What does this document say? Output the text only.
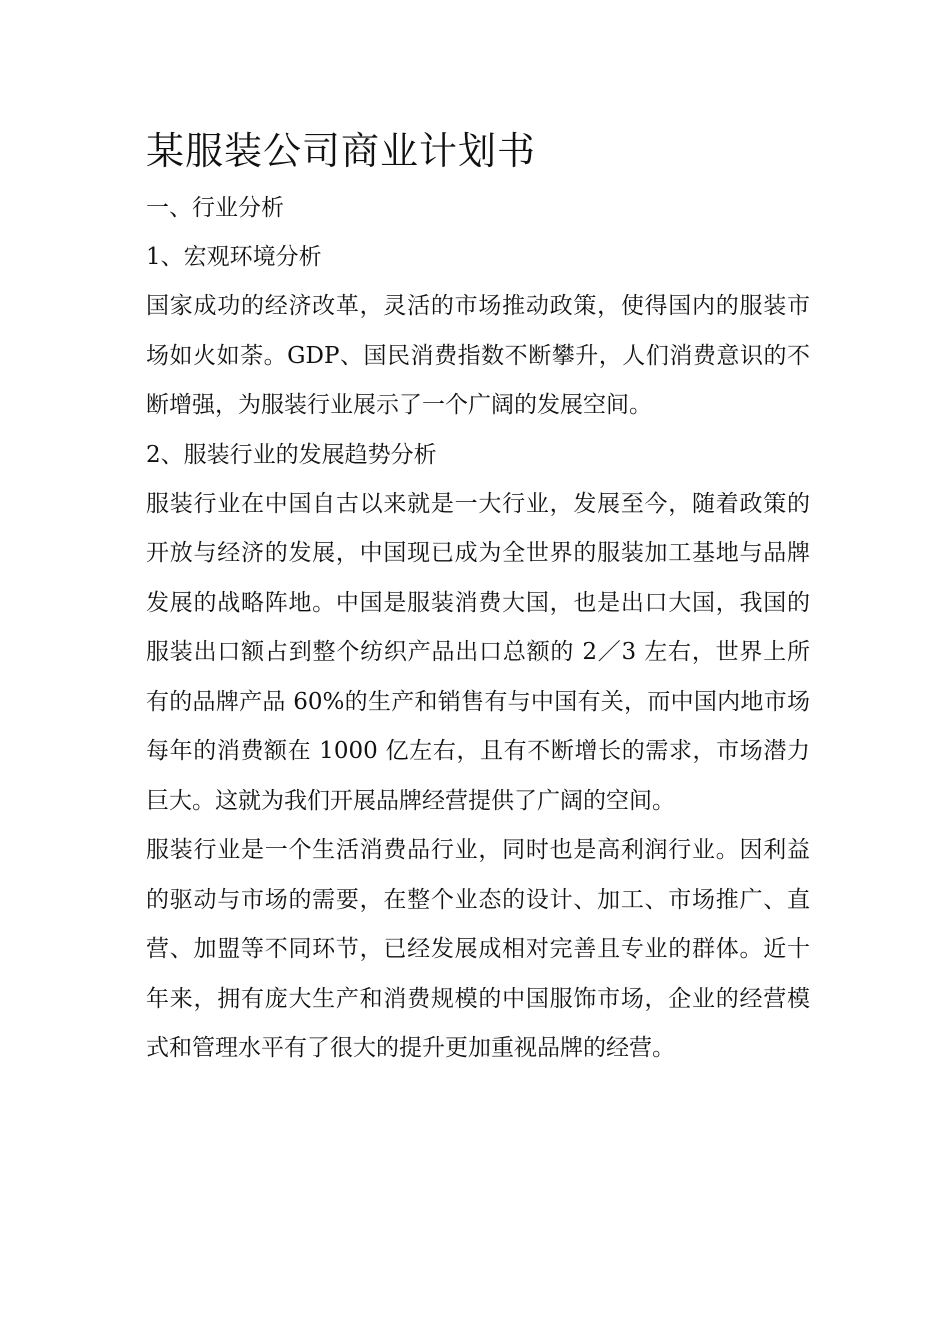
某服装公司商业计划书

一、行业分析

1、宏观环境分析

国家成功的经济改革，灵活的市场推动政策，使得国内的服装市场如火如荼。GDP、国民消费指数不断攀升，人们消费意识的不断增强，为服装行业展示了一个广阔的发展空间。

2、服装行业的发展趋势分析

服装行业在中国自古以来就是一大行业，发展至今，随着政策的开放与经济的发展，中国现已成为全世界的服装加工基地与品牌发展的战略阵地。中国是服装消费大国，也是出口大国，我国的服装出口额占到整个纺织产品出口总额的 2／3 左右，世界上所有的品牌产品 60%的生产和销售有与中国有关，而中国内地市场每年的消费额在 1000 亿左右，且有不断增长的需求，市场潜力巨大。这就为我们开展品牌经营提供了广阔的空间。

服装行业是一个生活消费品行业，同时也是高利润行业。因利益的驱动与市场的需要，在整个业态的设计、加工、市场推广、直营、加盟等不同环节，已经发展成相对完善且专业的群体。近十年来，拥有庞大生产和消费规模的中国服饰市场，企业的经营模式和管理水平有了很大的提升更加重视品牌的经营。
